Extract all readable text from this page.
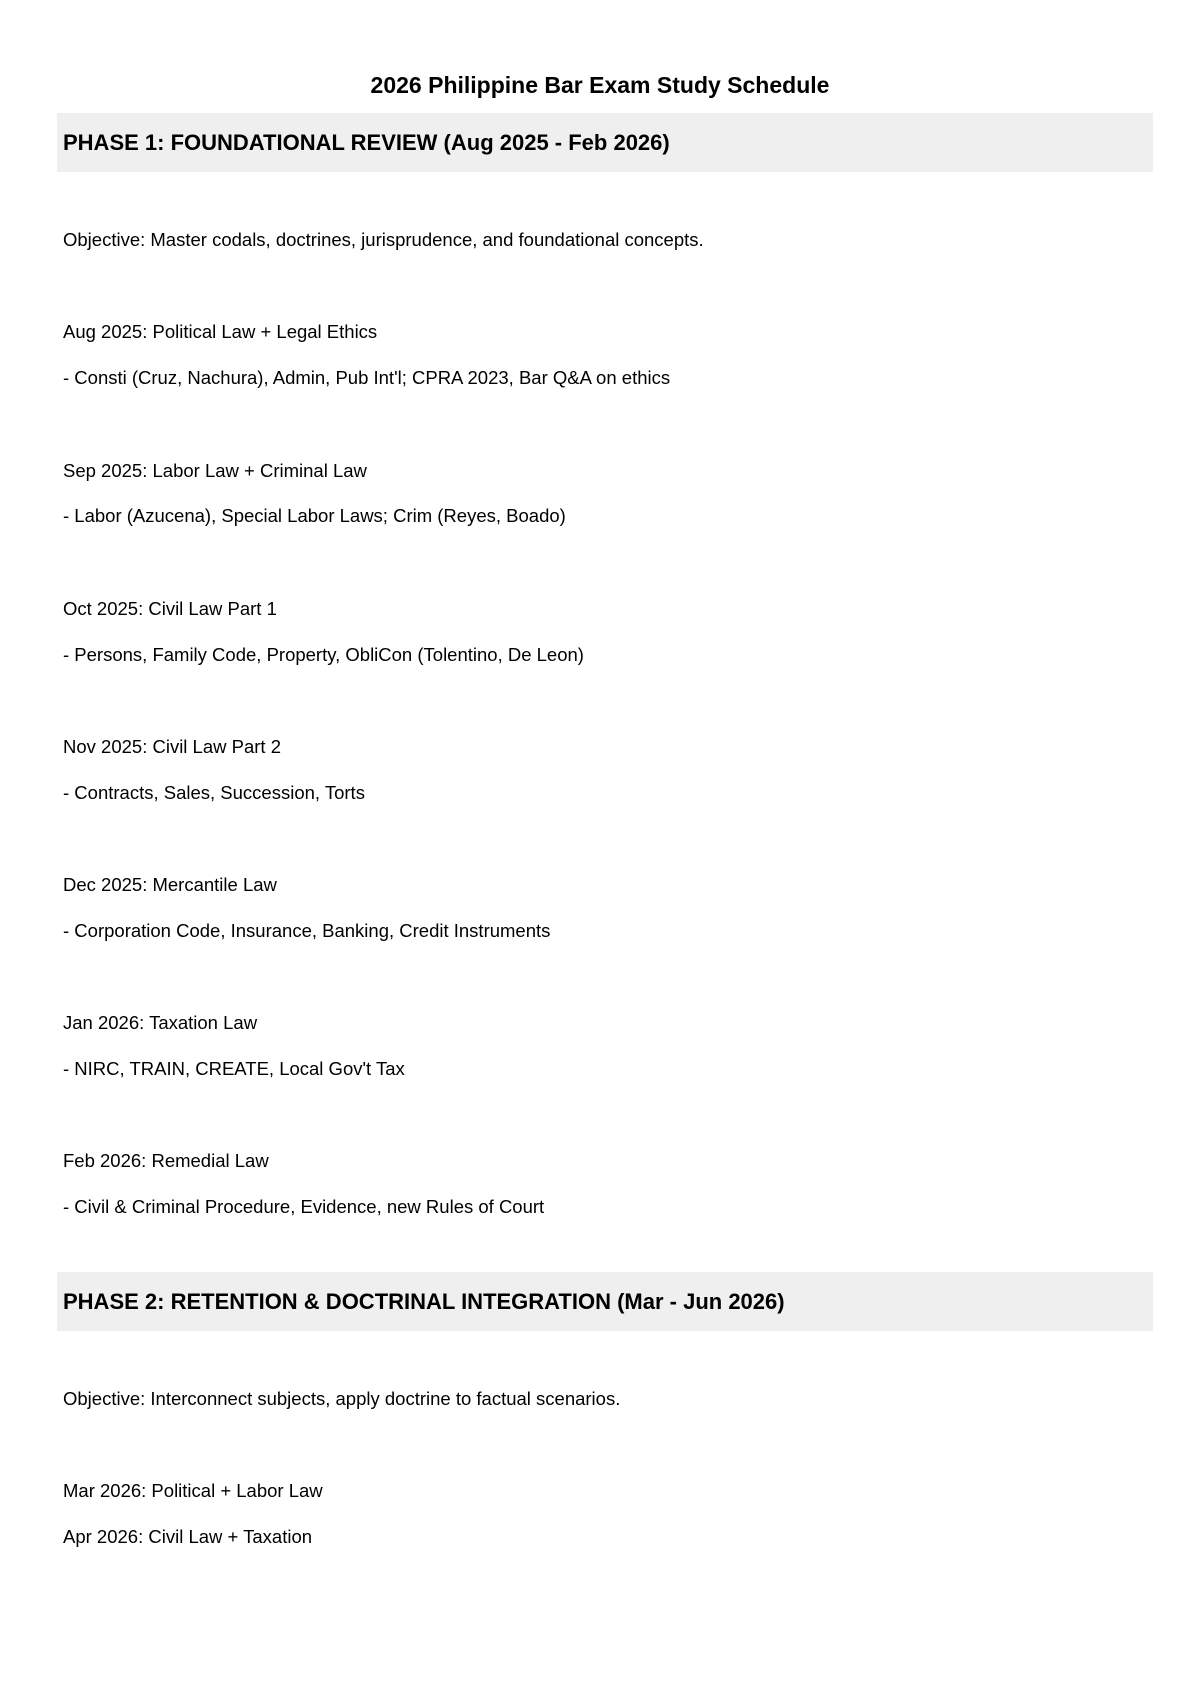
2026 Philippine Bar Exam Study Schedule
PHASE 1: FOUNDATIONAL REVIEW (Aug 2025 - Feb 2026)
Objective: Master codals, doctrines, jurisprudence, and foundational concepts.
Aug 2025: Political Law + Legal Ethics
- Consti (Cruz, Nachura), Admin, Pub Int'l; CPRA 2023, Bar Q&A on ethics
Sep 2025: Labor Law + Criminal Law
- Labor (Azucena), Special Labor Laws; Crim (Reyes, Boado)
Oct 2025: Civil Law Part 1
- Persons, Family Code, Property, ObliCon (Tolentino, De Leon)
Nov 2025: Civil Law Part 2
- Contracts, Sales, Succession, Torts
Dec 2025: Mercantile Law
- Corporation Code, Insurance, Banking, Credit Instruments
Jan 2026: Taxation Law
- NIRC, TRAIN, CREATE, Local Gov't Tax
Feb 2026: Remedial Law
- Civil & Criminal Procedure, Evidence, new Rules of Court
PHASE 2: RETENTION & DOCTRINAL INTEGRATION (Mar - Jun 2026)
Objective: Interconnect subjects, apply doctrine to factual scenarios.
Mar 2026: Political + Labor Law
Apr 2026: Civil Law + Taxation
